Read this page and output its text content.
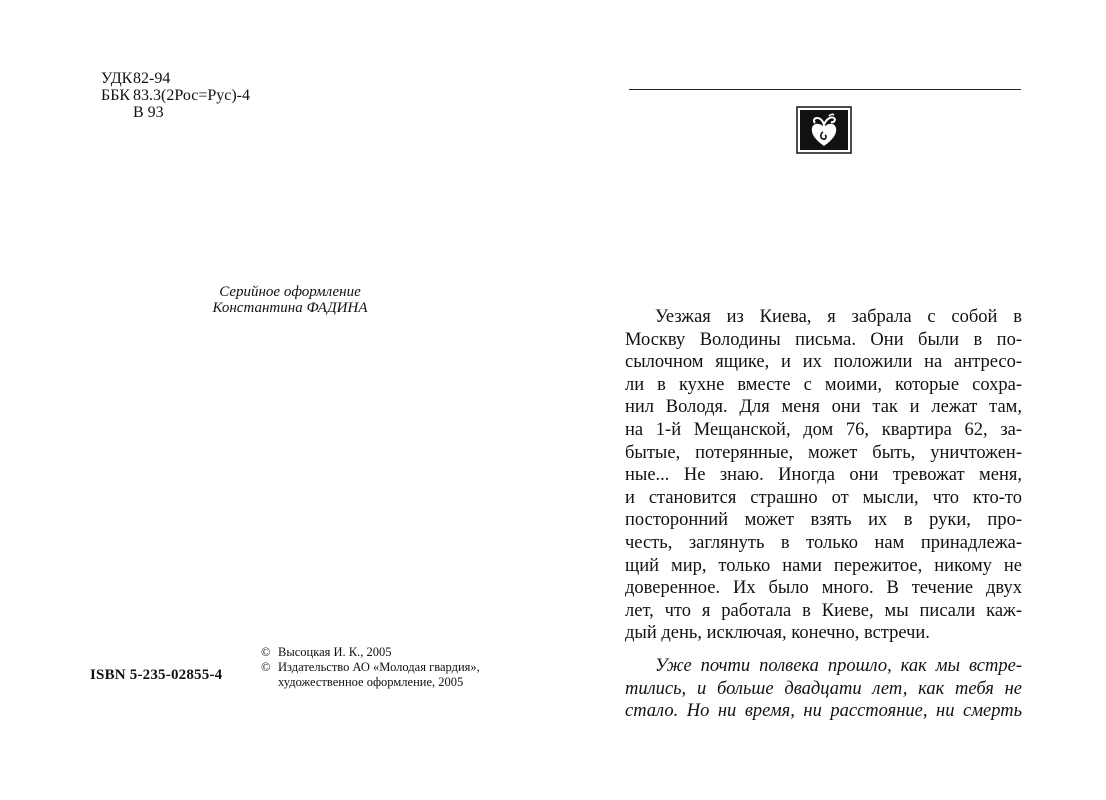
УДК 82-94
ББК 83.3(2Рос=Рус)-4
В 93
Серийное оформление
Константина ФАДИНА
ISBN 5-235-02855-4
© Высоцкая И. К., 2005
© Издательство АО «Молодая гвардия»,
художественное оформление, 2005
Уезжая из Киева, я забрала с собой в
Москву Володины письма. Они были в по-
сылочном ящике, и их положили на антресо-
ли в кухне вместе с моими, которые сохра-
нил Володя. Для меня они так и лежат там,
на 1-й Мещанской, дом 76, квартира 62, за-
бытые, потерянные, может быть, уничтожен-
ные... Не знаю. Иногда они тревожат меня,
и становится страшно от мысли, что кто-то
посторонний может взять их в руки, про-
честь, заглянуть в только нам принадлежа-
щий мир, только нами пережитое, никому не
доверенное. Их было много. В течение двух
лет, что я работала в Киеве, мы писали каж-
дый день, исключая, конечно, встречи.
Уже почти полвека прошло, как мы встре-
тились, и больше двадцати лет, как тебя не
стало. Но ни время, ни расстояние, ни смерть
